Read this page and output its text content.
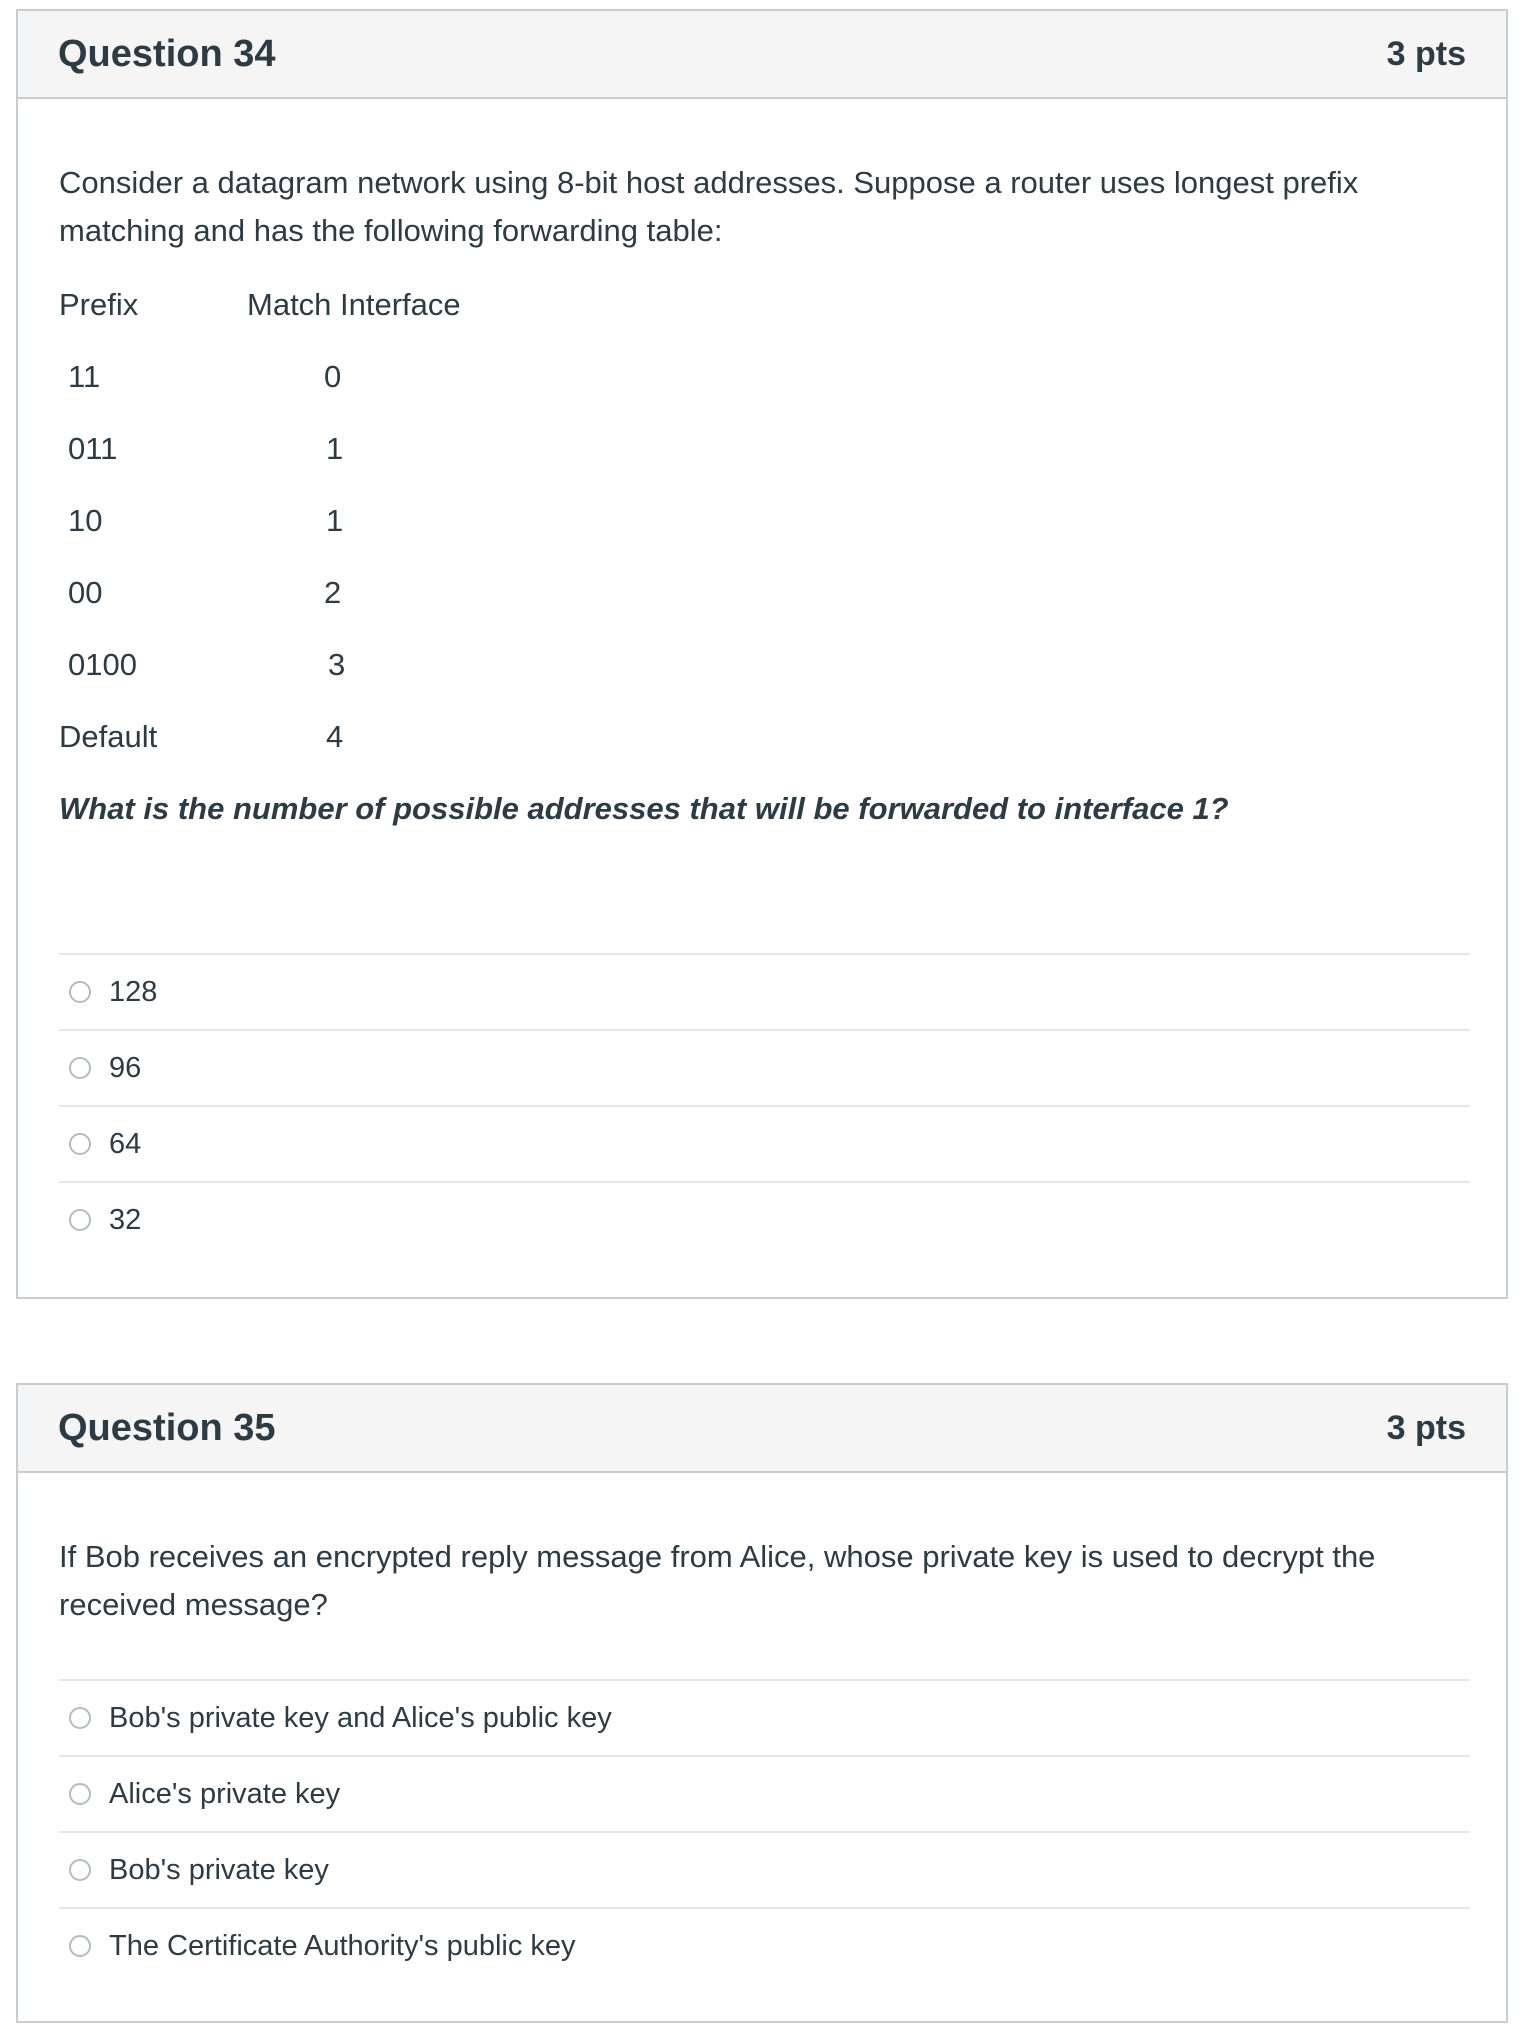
Question 34	3 pts
Consider a datagram network using 8-bit host addresses. Suppose a router uses longest prefix matching and has the following forwarding table:
Prefix	Match Interface
11	0
011	1
10	1
00	2
0100	3
Default	4
What is the number of possible addresses that will be forwarded to interface 1?
128
96
64
32
Question 35	3 pts
If Bob receives an encrypted reply message from Alice, whose private key is used to decrypt the received message?
Bob's private key and Alice's public key
Alice's private key
Bob's private key
The Certificate Authority's public key
